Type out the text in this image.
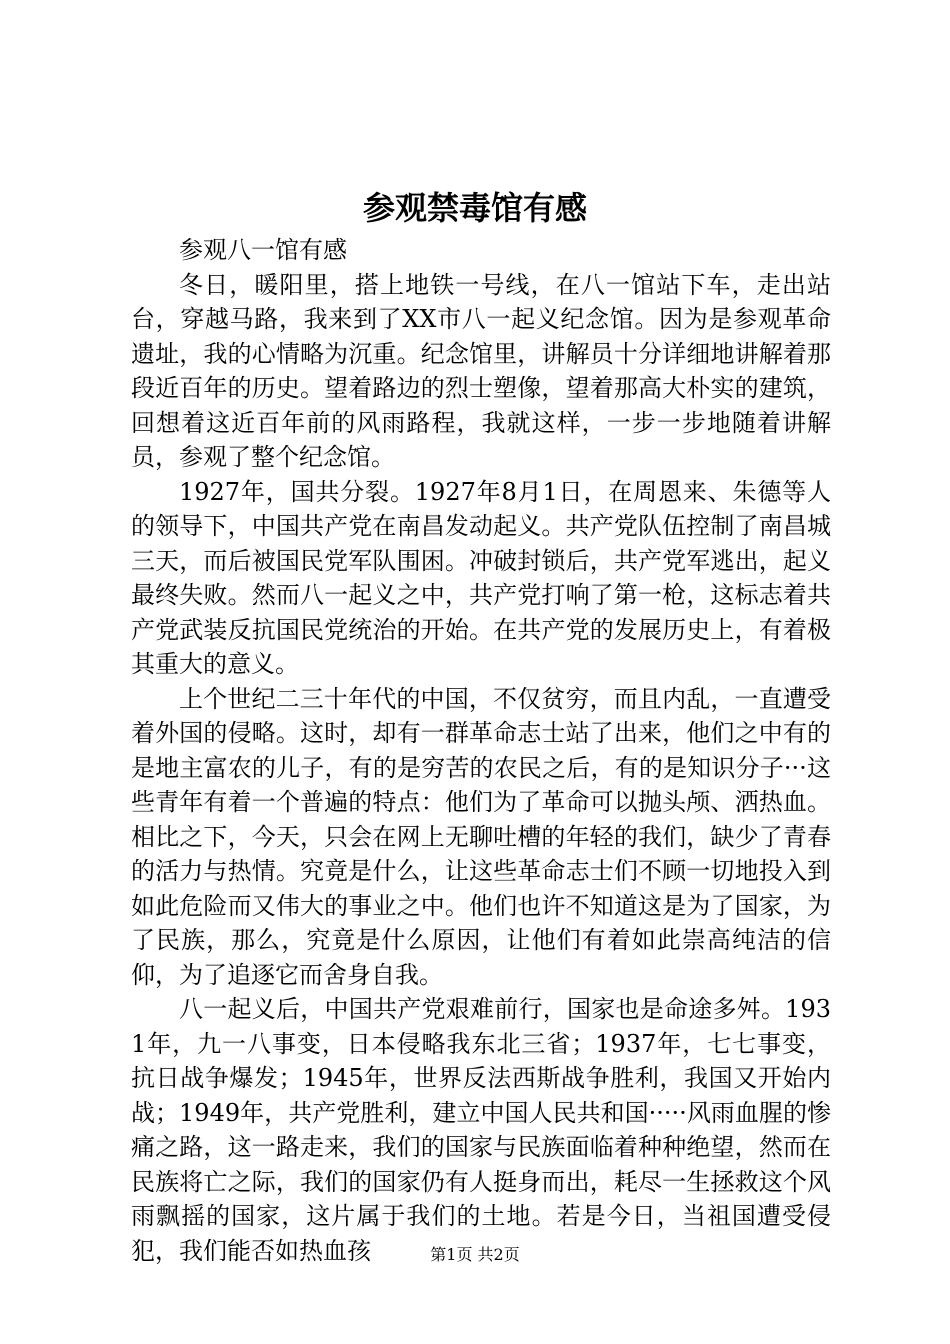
参观禁毒馆有感

参观八一馆有感

冬日，暖阳里，搭上地铁一号线，在八一馆站下车，走出站台，穿越马路，我来到了XX市八一起义纪念馆。因为是参观革命遗址，我的心情略为沉重。纪念馆里，讲解员十分详细地讲解着那段近百年的历史。望着路边的烈士塑像，望着那高大朴实的建筑，回想着这近百年前的风雨路程，我就这样，一步一步地随着讲解员，参观了整个纪念馆。

1927年，国共分裂。1927年8月1日，在周恩来、朱德等人的领导下，中国共产党在南昌发动起义。共产党队伍控制了南昌城三天，而后被国民党军队围困。冲破封锁后，共产党军逃出，起义最终失败。然而八一起义之中，共产党打响了第一枪，这标志着共产党武装反抗国民党统治的开始。在共产党的发展历史上，有着极其重大的意义。

上个世纪二三十年代的中国，不仅贫穷，而且内乱，一直遭受着外国的侵略。这时，却有一群革命志士站了出来，他们之中有的是地主富农的儿子，有的是穷苦的农民之后，有的是知识分子···这些青年有着一个普遍的特点：他们为了革命可以抛头颅、洒热血。相比之下，今天，只会在网上无聊吐槽的年轻的我们，缺少了青春的活力与热情。究竟是什么，让这些革命志士们不顾一切地投入到如此危险而又伟大的事业之中。他们也许不知道这是为了国家，为了民族，那么，究竟是什么原因，让他们有着如此崇高纯洁的信仰，为了追逐它而舍身自我。

八一起义后，中国共产党艰难前行，国家也是命途多舛。1931年，九一八事变，日本侵略我东北三省；1937年，七七事变，抗日战争爆发；1945年，世界反法西斯战争胜利，我国又开始内战；1949年，共产党胜利，建立中国人民共和国·····风雨血腥的惨痛之路，这一路走来，我们的国家与民族面临着种种绝望，然而在民族将亡之际，我们的国家仍有人挺身而出，耗尽一生拯救这个风雨飘摇的国家，这片属于我们的土地。若是今日，当祖国遭受侵犯，我们能否如热血孩	第1页 共2页
